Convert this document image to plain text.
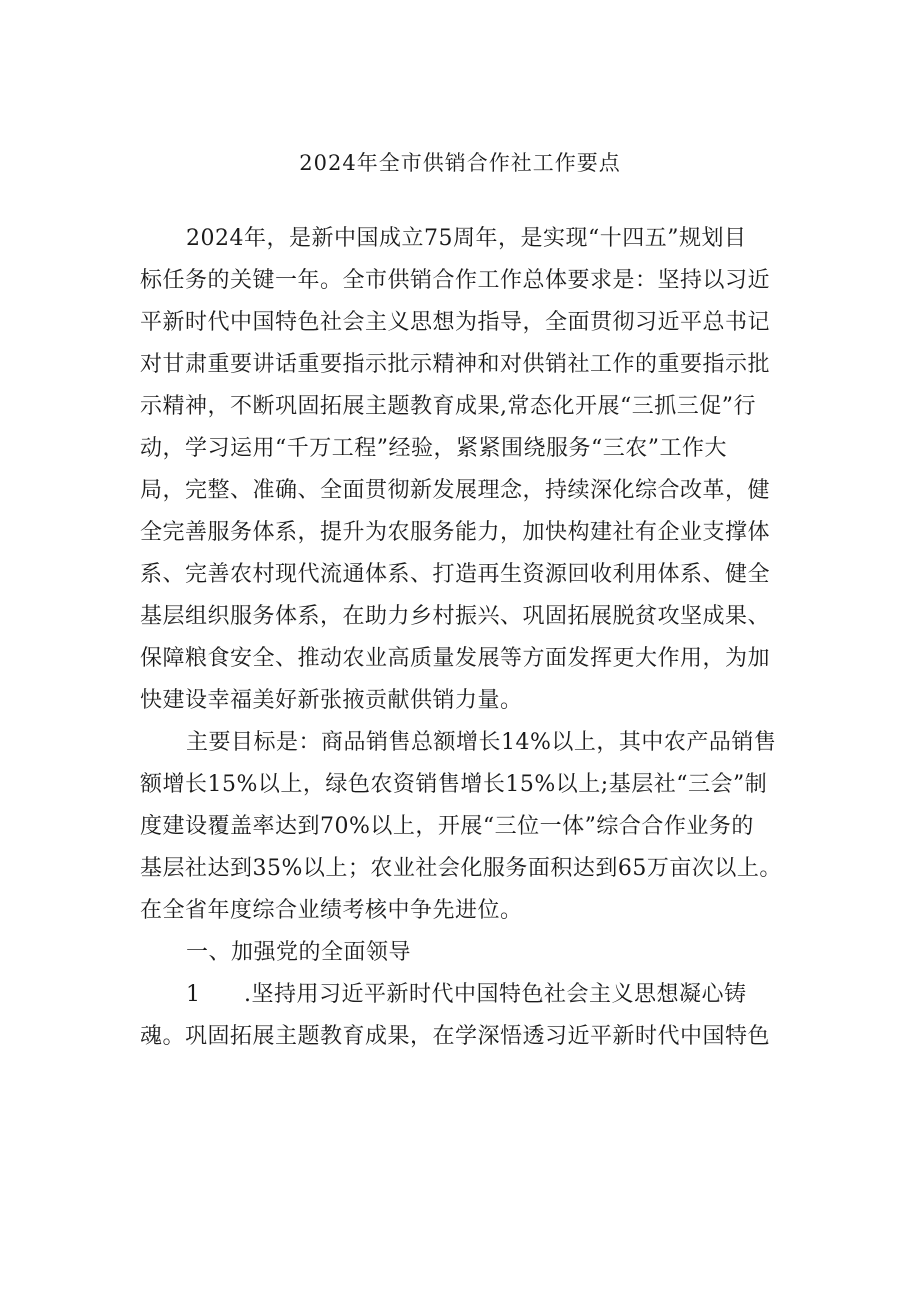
2024年全市供销合作社工作要点
2024年，是新中国成立75周年，是实现“十四五”规划目
标任务的关键一年。全市供销合作工作总体要求是：坚持以习近
平新时代中国特色社会主义思想为指导，全面贯彻习近平总书记
对甘肃重要讲话重要指示批示精神和对供销社工作的重要指示批
示精神，不断巩固拓展主题教育成果,常态化开展“三抓三促”行
动，学习运用“千万工程”经验，紧紧围绕服务“三农”工作大
局，完整、准确、全面贯彻新发展理念，持续深化综合改革，健
全完善服务体系，提升为农服务能力，加快构建社有企业支撑体
系、完善农村现代流通体系、打造再生资源回收利用体系、健全
基层组织服务体系，在助力乡村振兴、巩固拓展脱贫攻坚成果、
保障粮食安全、推动农业高质量发展等方面发挥更大作用，为加
快建设幸福美好新张掖贡献供销力量。
主要目标是：商品销售总额增长14%以上，其中农产品销售
额增长15%以上，绿色农资销售增长15%以上;基层社“三会”制
度建设覆盖率达到70%以上，开展“三位一体”综合合作业务的
基层社达到35%以上；农业社会化服务面积达到65万亩次以上。
在全省年度综合业绩考核中争先进位。
一、加强党的全面领导
1 .坚持用习近平新时代中国特色社会主义思想凝心铸
魂。巩固拓展主题教育成果，在学深悟透习近平新时代中国特色
